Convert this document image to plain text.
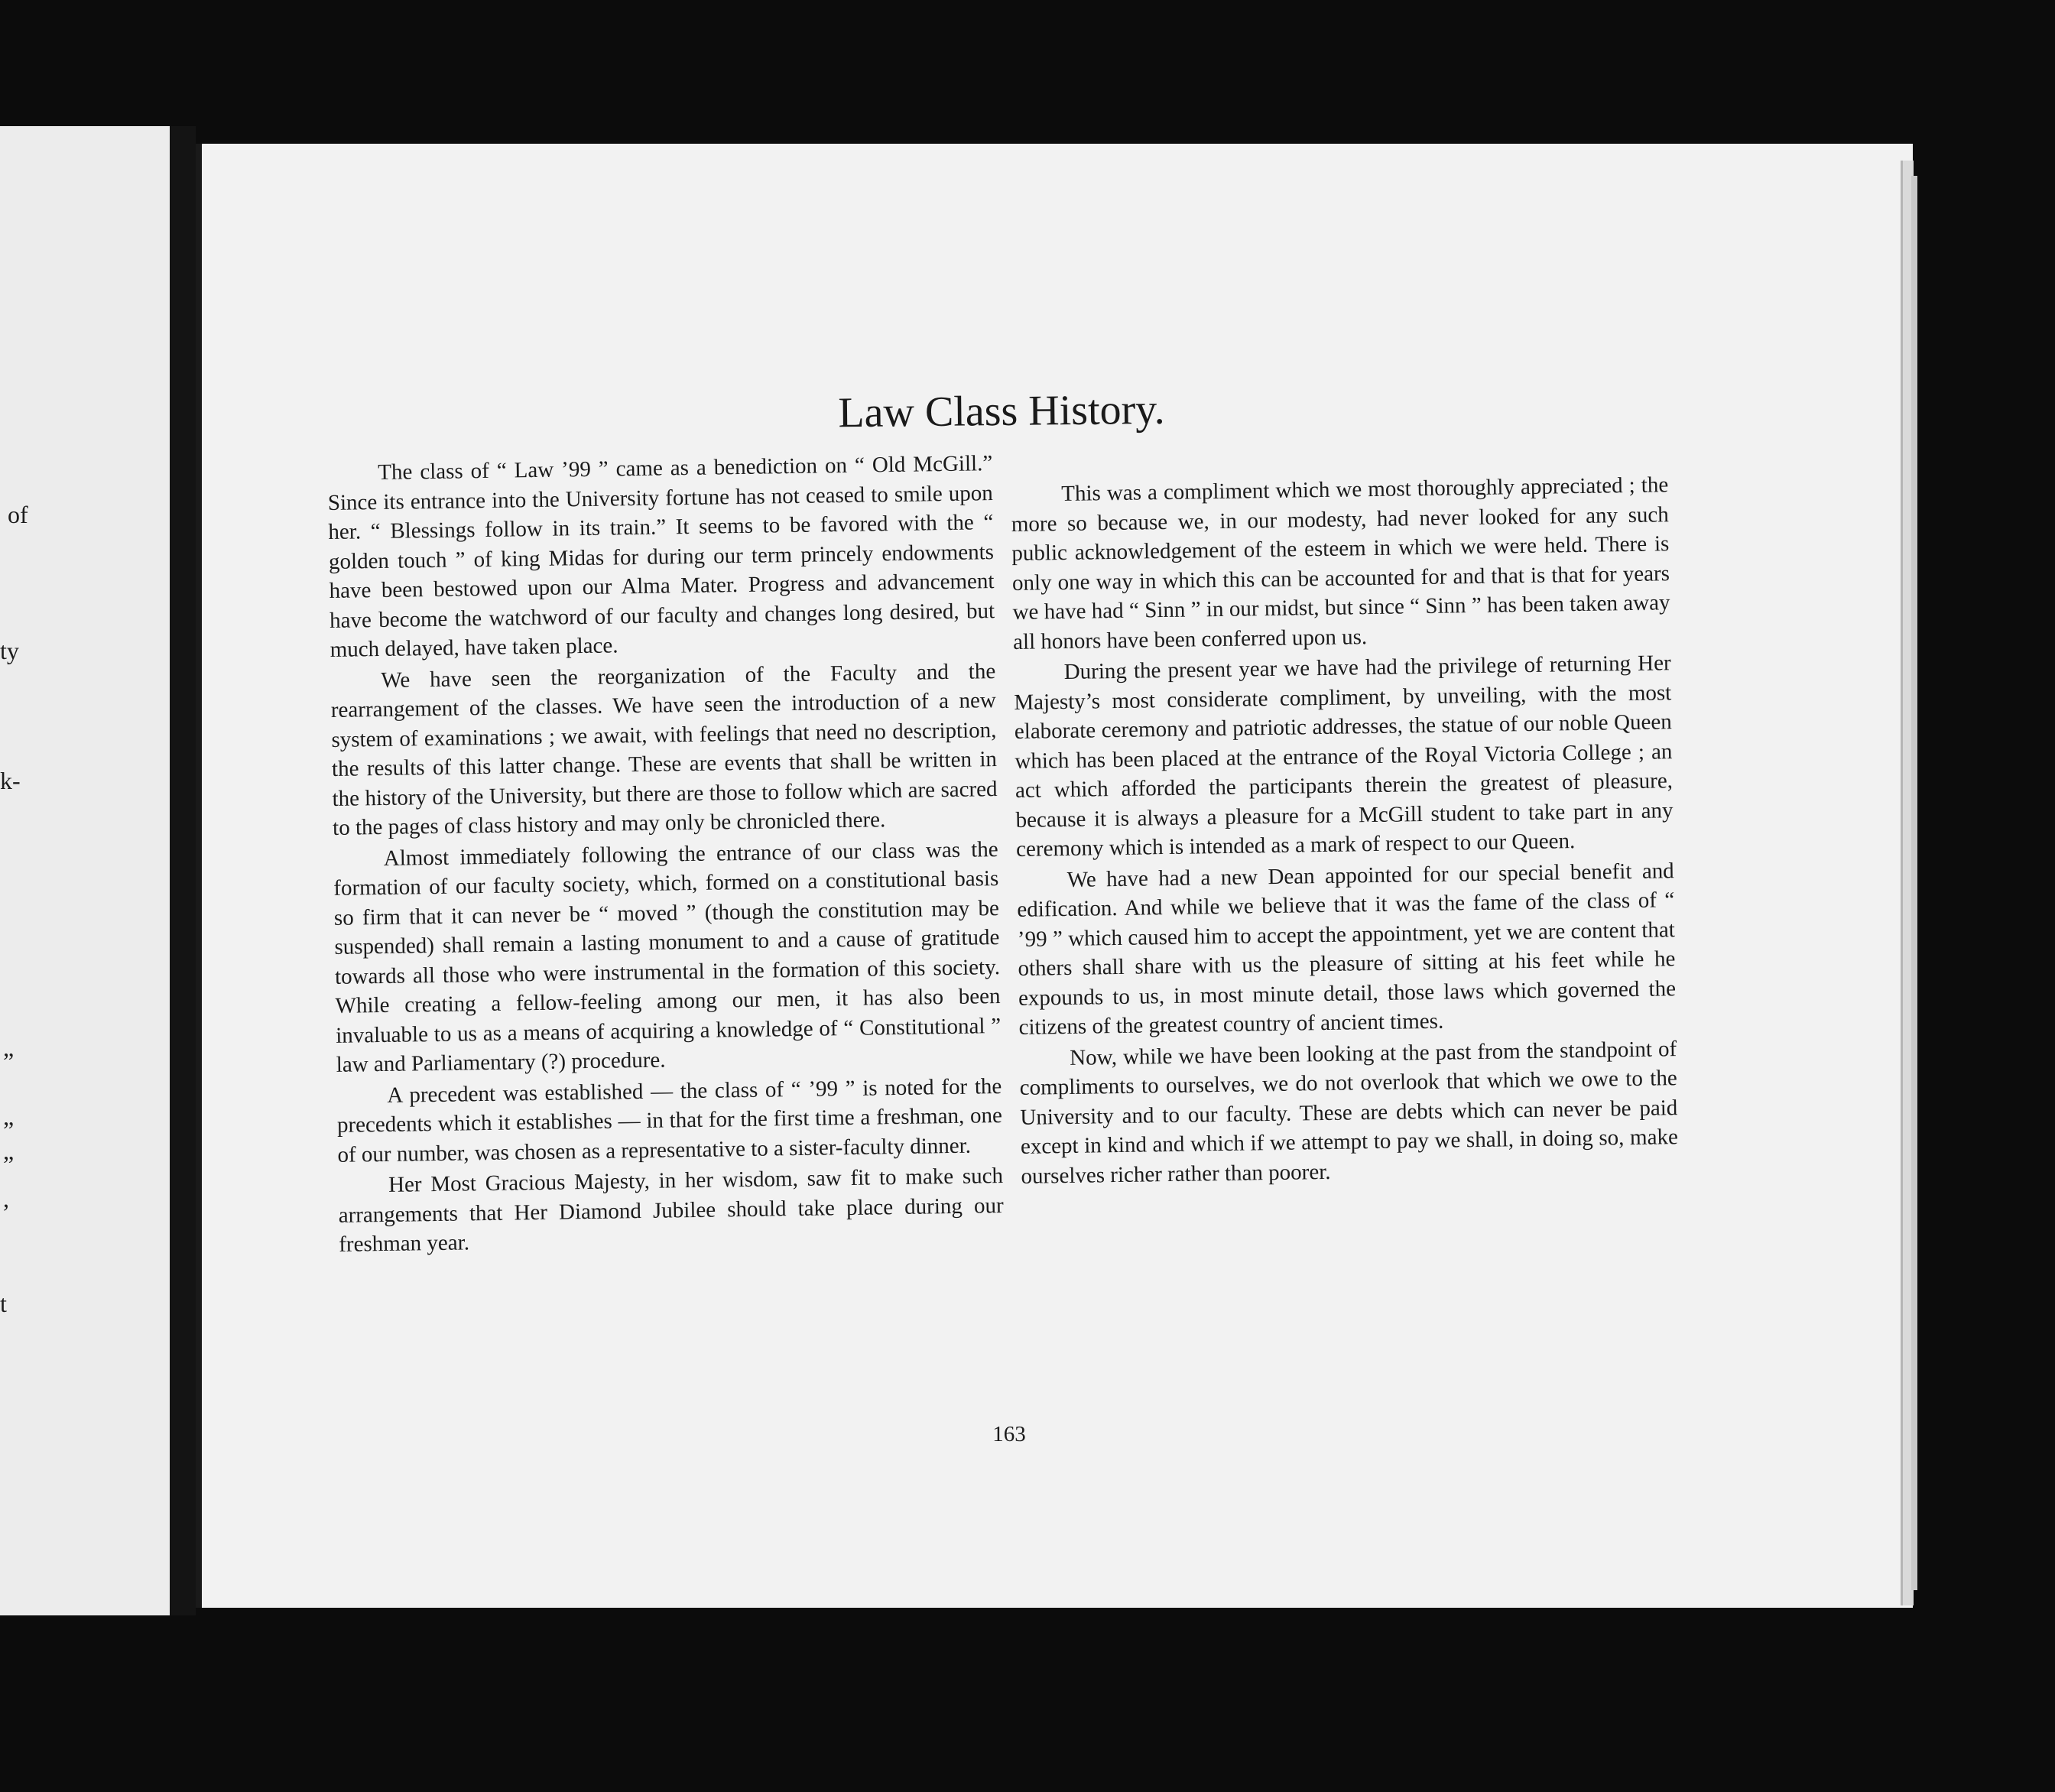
of
ty
k-
”
”
”
,
t
Law Class History.

The class of “ Law ’99 ” came as a benediction on “ Old McGill.” Since its entrance into the University fortune has not ceased to smile upon her. “ Blessings follow in its train.” It seems to be favored with the “ golden touch ” of king Midas for during our term princely endowments have been bestowed upon our Alma Mater. Progress and advancement have become the watchword of our faculty and changes long desired, but much delayed, have taken place.

We have seen the reorganization of the Faculty and the rearrangement of the classes. We have seen the introduction of a new system of examinations ; we await, with feelings that need no description, the results of this latter change. These are events that shall be written in the history of the University, but there are those to follow which are sacred to the pages of class history and may only be chronicled there.

Almost immediately following the entrance of our class was the formation of our faculty society, which, formed on a constitutional basis so firm that it can never be “ moved ” (though the constitution may be suspended) shall remain a lasting monument to and a cause of gratitude towards all those who were instrumental in the formation of this society. While creating a fellow-feeling among our men, it has also been invaluable to us as a means of acquiring a knowledge of “ Constitutional ” law and Parliamentary (?) procedure.

A precedent was established — the class of “ ’99 ” is noted for the precedents which it establishes — in that for the first time a freshman, one of our number, was chosen as a representative to a sister-faculty dinner.

Her Most Gracious Majesty, in her wisdom, saw fit to make such arrangements that Her Diamond Jubilee should take place during our freshman year.

This was a compliment which we most thoroughly appreciated ; the more so because we, in our modesty, had never looked for any such public acknowledgement of the esteem in which we were held. There is only one way in which this can be accounted for and that is that for years we have had “ Sinn ” in our midst, but since “ Sinn ” has been taken away all honors have been conferred upon us.

During the present year we have had the privilege of returning Her Majesty’s most considerate compliment, by unveiling, with the most elaborate ceremony and patriotic addresses, the statue of our noble Queen which has been placed at the entrance of the Royal Victoria College ; an act which afforded the participants therein the greatest of pleasure, because it is always a pleasure for a McGill student to take part in any ceremony which is intended as a mark of respect to our Queen.

We have had a new Dean appointed for our special benefit and edification. And while we believe that it was the fame of the class of “ ’99 ” which caused him to accept the appointment, yet we are content that others shall share with us the pleasure of sitting at his feet while he expounds to us, in most minute detail, those laws which governed the citizens of the greatest country of ancient times.

Now, while we have been looking at the past from the standpoint of compliments to ourselves, we do not overlook that which we owe to the University and to our faculty. These are debts which can never be paid except in kind and which if we attempt to pay we shall, in doing so, make ourselves richer rather than poorer.

163
